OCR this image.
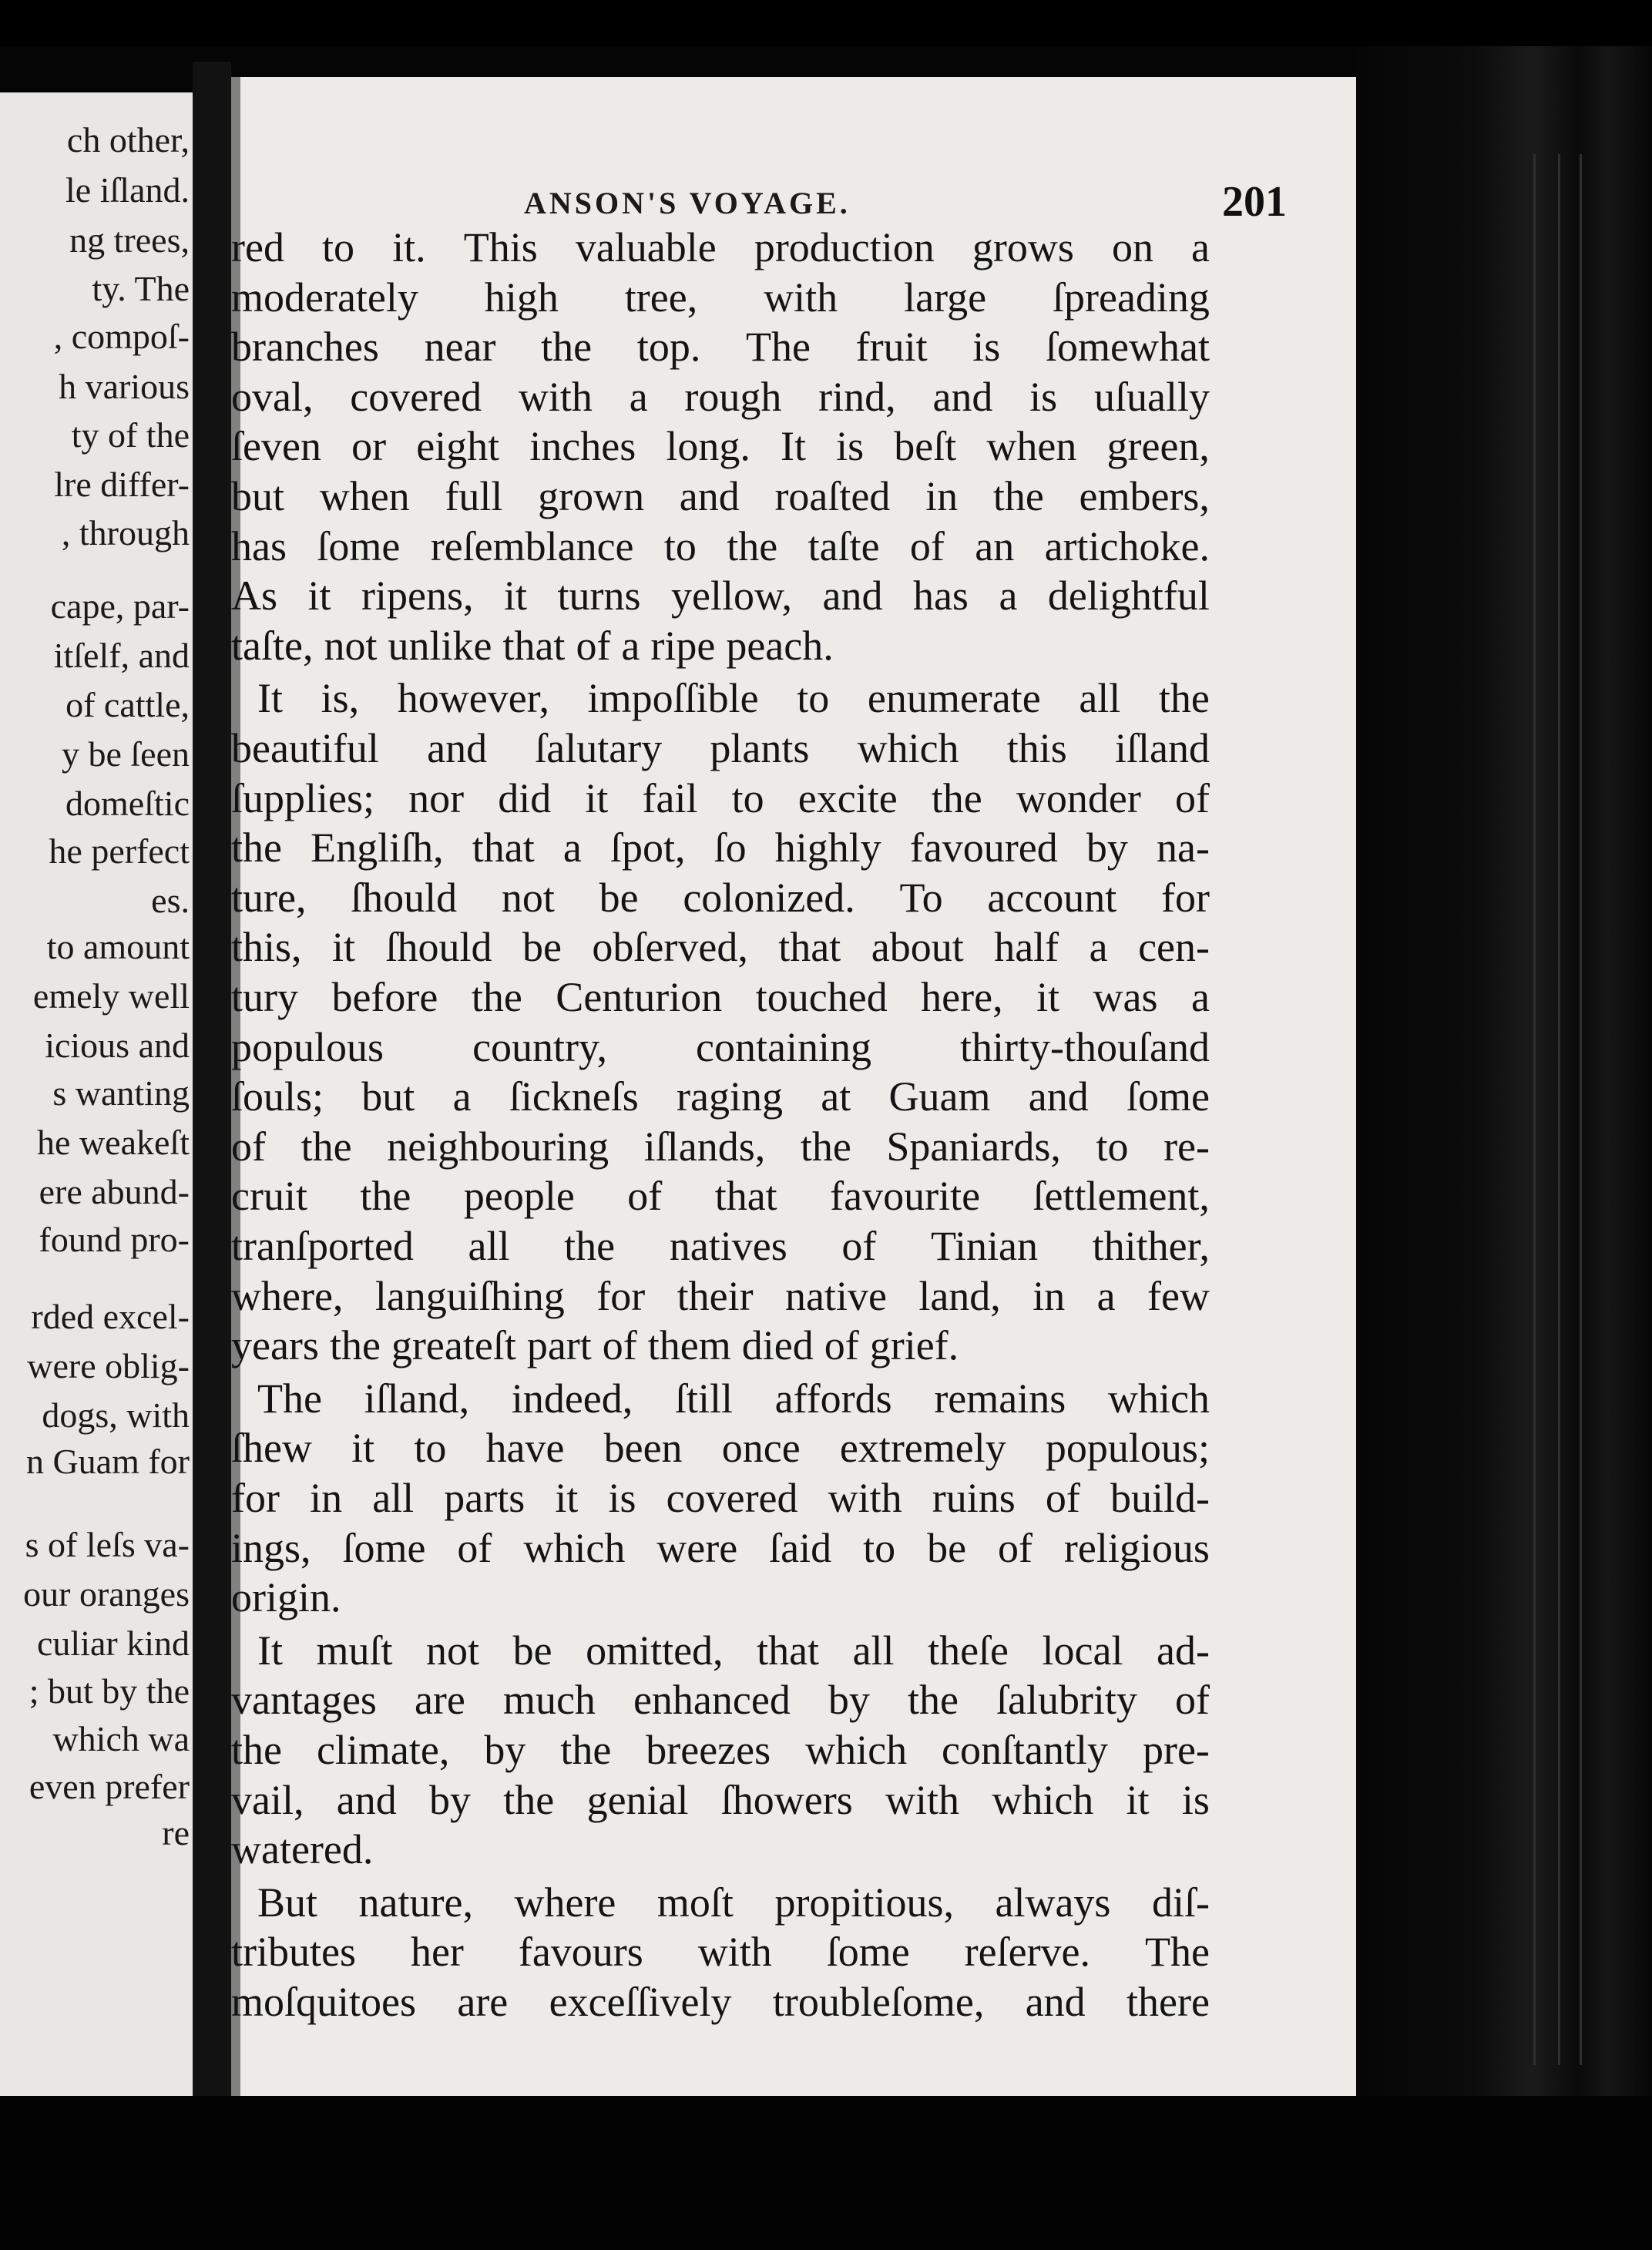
ch other,
le iſland.
ng trees,
ty. The
, compoſ-
h various
ty of the
lre differ-
, through
cape, par-
itſelf, and
of cattle,
y be ſeen
domeſtic
he perfect
es.
to amount
emely well
icious and
s wanting
he weakeſt
ere abund-
found pro-
rded excel-
were oblig-
dogs, with
n Guam for
s of leſs va-
our oranges
culiar kind
; but by the
which wa
even prefer
re
ANSON'S VOYAGE.	201
red to it. This valuable production grows on a
moderately high tree, with large ſpreading
branches near the top. The fruit is ſomewhat
oval, covered with a rough rind, and is uſually
ſeven or eight inches long. It is beſt when green,
but when full grown and roaſted in the embers,
has ſome reſemblance to the taſte of an artichoke.
As it ripens, it turns yellow, and has a delightful
taſte, not unlike that of a ripe peach.
It is, however, impoſſible to enumerate all the
beautiful and ſalutary plants which this iſland
ſupplies; nor did it fail to excite the wonder of
the Engliſh, that a ſpot, ſo highly favoured by na-
ture, ſhould not be colonized. To account for
this, it ſhould be obſerved, that about half a cen-
tury before the Centurion touched here, it was a
populous country, containing thirty-thouſand
ſouls; but a ſickneſs raging at Guam and ſome
of the neighbouring iſlands, the Spaniards, to re-
cruit the people of that favourite ſettlement,
tranſported all the natives of Tinian thither,
where, languiſhing for their native land, in a few
years the greateſt part of them died of grief.
The iſland, indeed, ſtill affords remains which
ſhew it to have been once extremely populous;
for in all parts it is covered with ruins of build-
ings, ſome of which were ſaid to be of religious
origin.
It muſt not be omitted, that all theſe local ad-
vantages are much enhanced by the ſalubrity of
the climate, by the breezes which conſtantly pre-
vail, and by the genial ſhowers with which it is
watered.
But nature, where moſt propitious, always diſ-
tributes her favours with ſome reſerve. The
moſquitoes are exceſſively troubleſome, and there
